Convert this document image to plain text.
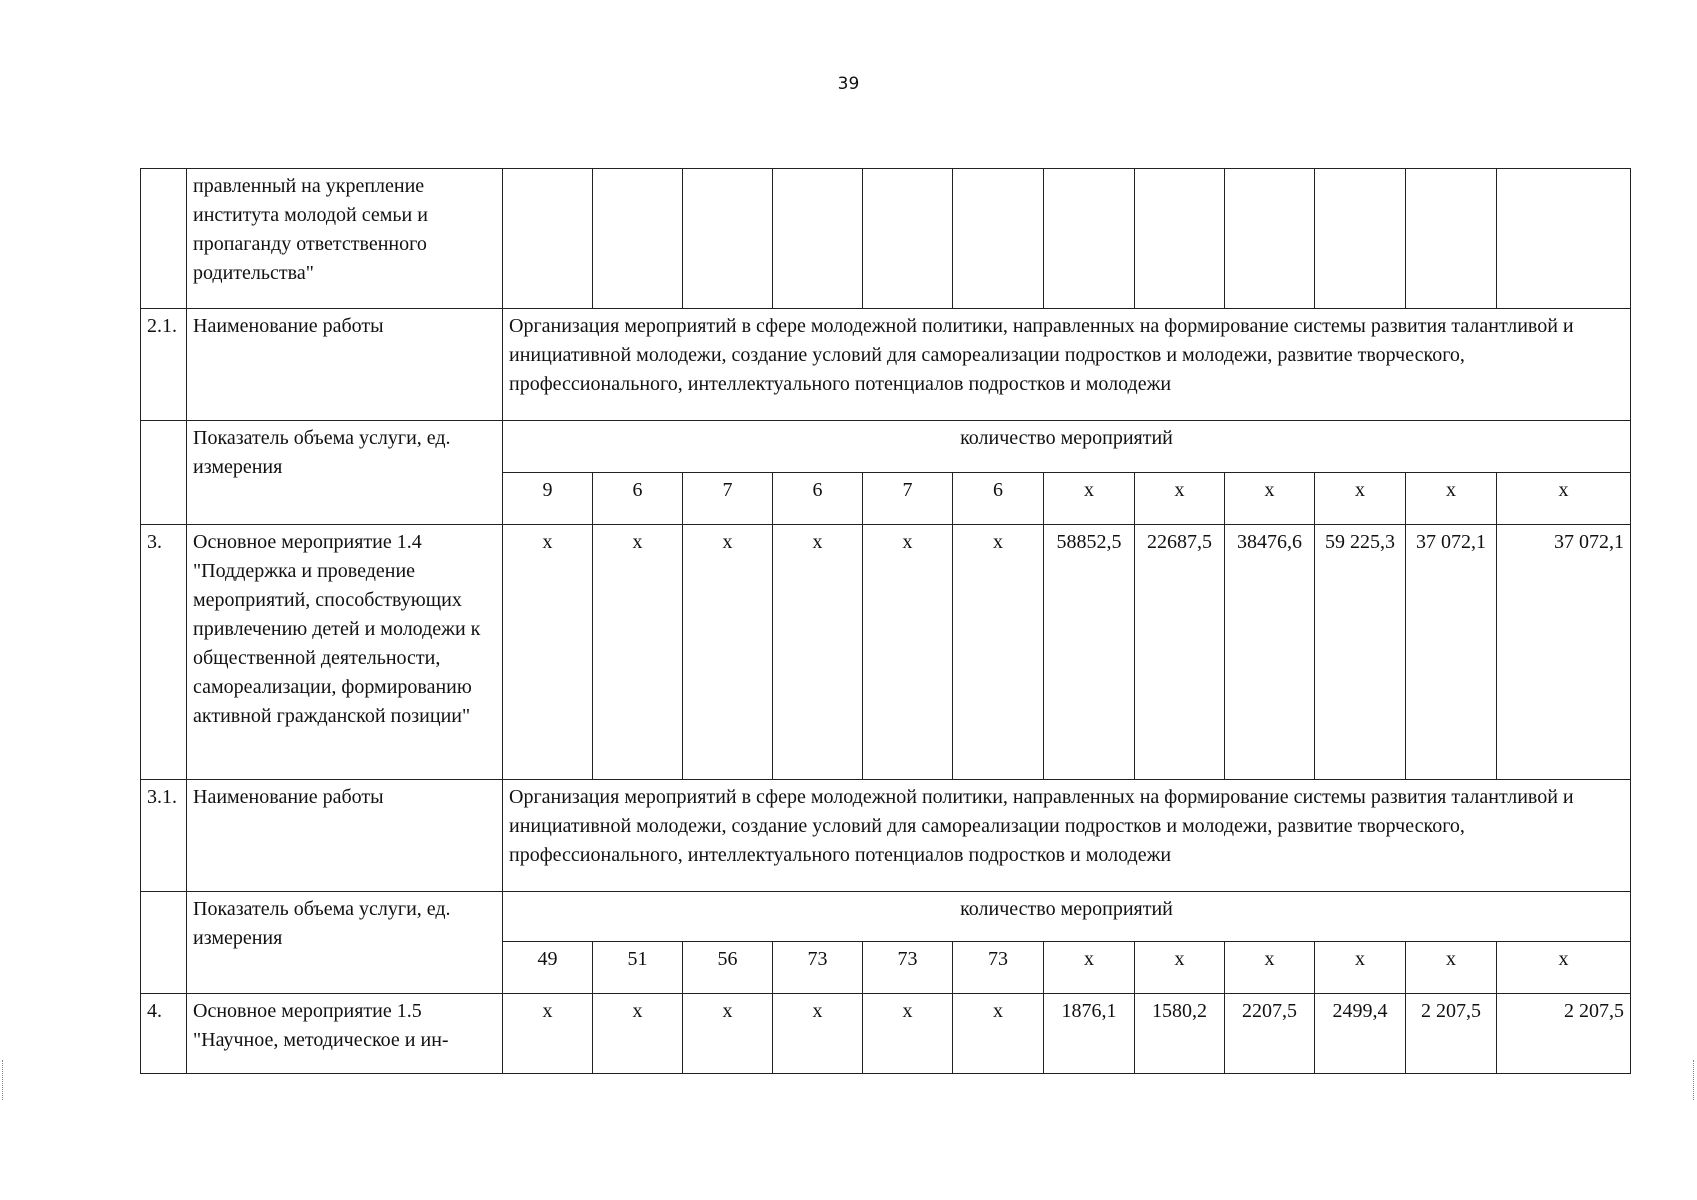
39
	правленный на укрепление института молодой семьи и пропаганду ответственного родительства"												
2.1.	Наименование работы	Организация мероприятий в сфере молодежной политики, направленных на формирование системы развития талантливой и инициативной молодежи, создание условий для самореализации подростков и молодежи, развитие творческого, профессионального, интеллектуального потенциалов подростков и молодежи											
	Показатель объема услуги, ед. измерения	количество мероприятий											
		9	6	7	6	7	6	х	х	х	х	х	х
3.	Основное мероприятие 1.4 "Поддержка и проведение мероприятий, способствующих привлечению детей и молодежи к общественной деятельности, самореализации, формированию активной гражданской позиции"	х	х	х	х	х	х	58852,5	22687,5	38476,6	59 225,3	37 072,1	37 072,1
3.1.	Наименование работы	Организация мероприятий в сфере молодежной политики, направленных на формирование системы развития талантливой и инициативной молодежи, создание условий для самореализации подростков и молодежи, развитие творческого, профессионального, интеллектуального потенциалов подростков и молодежи											
	Показатель объема услуги, ед. измерения	количество мероприятий											
		49	51	56	73	73	73	х	х	х	х	х	х
4.	Основное мероприятие 1.5 "Научное, методическое и ин-	х	х	х	х	х	х	1876,1	1580,2	2207,5	2499,4	2 207,5	2 207,5
